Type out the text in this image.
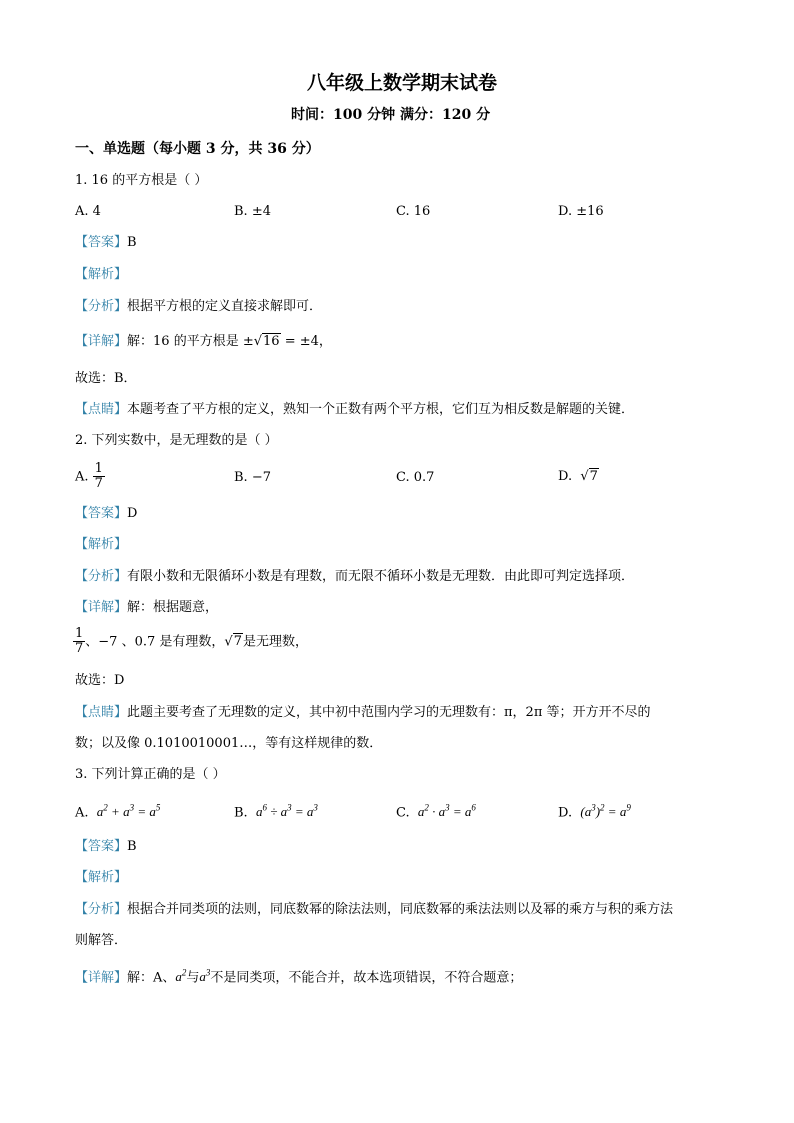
八年级上数学期末试卷
时间：100 分钟 满分：120 分
一、单选题（每小题 3 分，共 36 分）
1. 16 的平方根是（ ）
A. 4	B. ±4	C. 16	D. ±16
【答案】B
【解析】
【分析】根据平方根的定义直接求解即可．
【详解】解：16 的平方根是 ±√16 = ±4，
故选：B．
【点睛】本题考查了平方根的定义，熟知一个正数有两个平方根，它们互为相反数是解题的关键．
2. 下列实数中，是无理数的是（ ）
A. $\frac{1}{7}$	B. −7	C. 0.7	D. √7
【答案】D
【解析】
【分析】有限小数和无限循环小数是有理数，而无限不循环小数是无理数．由此即可判定选择项．
【详解】解：根据题意，
$\frac{1}{7}$ 、−7 、0.7 是有理数，√7是无理数，
故选：D
【点睛】此题主要考查了无理数的定义，其中初中范围内学习的无理数有：π，2π 等；开方开不尽的
数；以及像 0.1010010001…，等有这样规律的数．
3. 下列计算正确的是（ ）
A. $a^2 + a^3 = a^5$	B. $a^6 \div a^3 = a^3$	C. $a^2 \cdot a^3 = a^6$	D. $(a^3)^2 = a^9$
【答案】B
【解析】
【分析】根据合并同类项的法则，同底数幂的除法法则，同底数幂的乘法法则以及幂的乘方与积的乘方法
则解答．
【详解】解：A、$a^2$与$a^3$不是同类项，不能合并，故本选项错误，不符合题意；
